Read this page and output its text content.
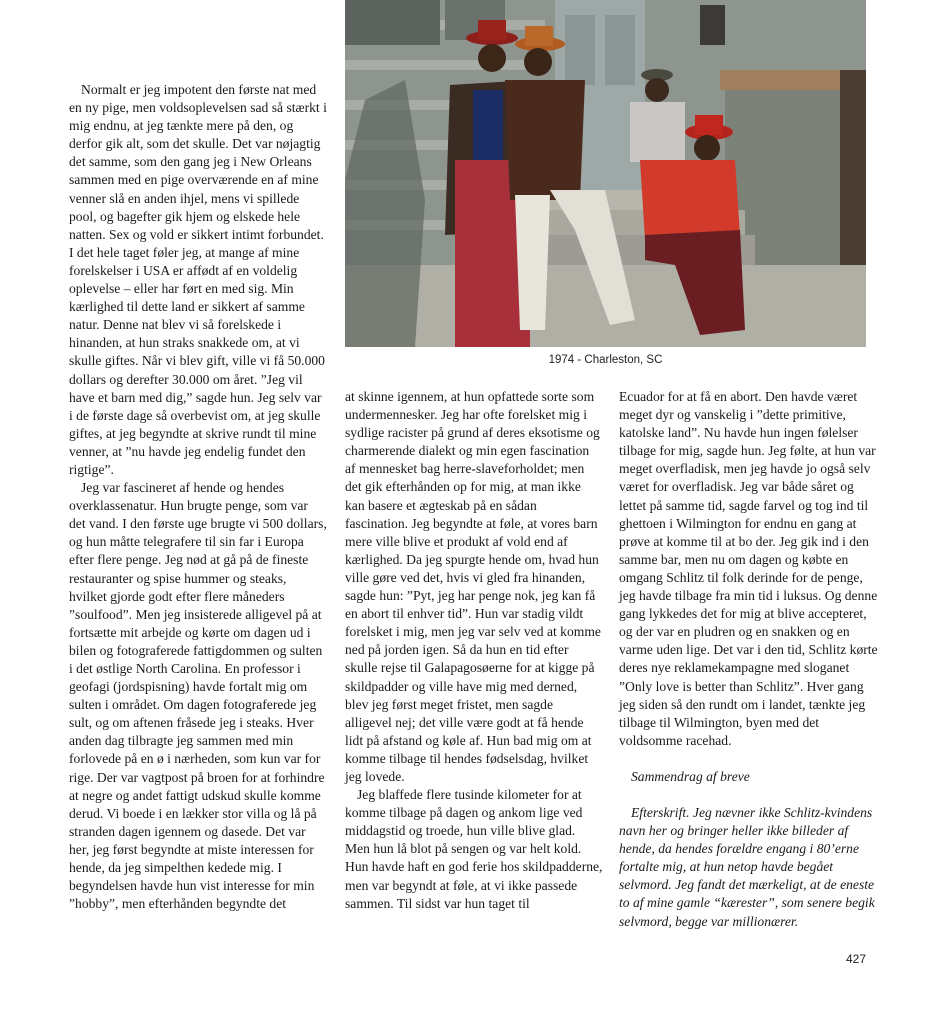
1974 - Charleston, SC

Normalt er jeg impotent den første nat med en ny pige, men voldsoplevelsen sad så stærkt i mig endnu, at jeg tænkte mere på den, og derfor gik alt, som det skulle. Det var nøjagtig det samme, som den gang jeg i New Orleans sammen med en pige overværende en af mine venner slå en anden ihjel, mens vi spillede pool, og bagefter gik hjem og elskede hele natten. Sex og vold er sikkert intimt forbundet. I det hele taget føler jeg, at mange af mine forelskelser i USA er affødt af en voldelig oplevelse – eller har ført en med sig. Min kærlighed til dette land er sikkert af samme natur. Denne nat blev vi så forelskede i hinanden, at hun straks snakkede om, at vi skulle giftes. Når vi blev gift, ville vi få 50.000 dollars og derefter 30.000 om året. ”Jeg vil have et barn med dig,” sagde hun. Jeg selv var i de første dage så overbevist om, at jeg skulle giftes, at jeg begyndte at skrive rundt til mine venner, at ”nu havde jeg endelig fundet den rigtige”.

Jeg var fascineret af hende og hendes overklassenatur. Hun brugte penge, som var det vand. I den første uge brugte vi 500 dollars, og hun måtte telegrafere til sin far i Europa efter flere penge. Jeg nød at gå på de fineste restauranter og spise hummer og steaks, hvilket gjorde godt efter flere måneders ”soulfood”. Men jeg insisterede alligevel på at fortsætte mit arbejde og kørte om dagen ud i bilen og fotograferede fattigdommen og sulten i det østlige North Carolina. En professor i geofagi (jordspisning) havde fortalt mig om sulten i området. Om dagen fotograferede jeg sult, og om aftenen fråsede jeg i steaks. Hver anden dag tilbragte jeg sammen med min forlovede på en ø i nærheden, som kun var for rige. Der var vagtpost på broen for at forhindre at negre og andet fattigt udskud skulle komme derud. Vi boede i en lækker stor villa og lå på stranden dagen igennem og dasede. Det var her, jeg først begyndte at miste interessen for hende, da jeg simpelthen kedede mig. I begyndelsen havde hun vist interesse for min ”hobby”, men efterhånden begyndte det

at skinne igennem, at hun opfattede sorte som undermennesker. Jeg har ofte forelsket mig i sydlige racister på grund af deres eksotisme og charmerende dialekt og min egen fascination af mennesket bag herre-slaveforholdet; men det gik efterhånden op for mig, at man ikke kan basere et ægteskab på en sådan fascination. Jeg begyndte at føle, at vores barn mere ville blive et produkt af vold end af kærlighed. Da jeg spurgte hende om, hvad hun ville gøre ved det, hvis vi gled fra hinanden, sagde hun: ”Pyt, jeg har penge nok, jeg kan få en abort til enhver tid”. Hun var stadig vildt forelsket i mig, men jeg var selv ved at komme ned på jorden igen. Så da hun en tid efter skulle rejse til Galapagosøerne for at kigge på skildpadder og ville have mig med derned, blev jeg først meget fristet, men sagde alligevel nej; det ville være godt at få hende lidt på afstand og køle af. Hun bad mig om at komme tilbage til hendes fødselsdag, hvilket jeg lovede.

Jeg blaffede flere tusinde kilometer for at komme tilbage på dagen og ankom lige ved middagstid og troede, hun ville blive glad. Men hun lå blot på sengen og var helt kold. Hun havde haft en god ferie hos skildpadderne, men var begyndt at føle, at vi ikke passede sammen. Til sidst var hun taget til

Ecuador for at få en abort. Den havde været meget dyr og vanskelig i ”dette primitive, katolske land”. Nu havde hun ingen følelser tilbage for mig, sagde hun. Jeg følte, at hun var meget overfladisk, men jeg havde jo også selv været for overfladisk. Jeg var både såret og lettet på samme tid, sagde farvel og tog ind til ghettoen i Wilmington for endnu en gang at prøve at komme til at bo der. Jeg gik ind i den samme bar, men nu om dagen og købte en omgang Schlitz til folk derinde for de penge, jeg havde tilbage fra min tid i luksus. Og denne gang lykkedes det for mig at blive accepteret, og der var en pludren og en snakken og en varme uden lige. Det var i den tid, Schlitz kørte deres nye reklamekampagne med sloganet ”Only love is better than Schlitz”. Hver gang jeg siden så den rundt om i landet, tænkte jeg tilbage til Wilmington, byen med det voldsomme racehad.

Sammendrag af breve

Efterskrift. Jeg nævner ikke Schlitz-kvindens navn her og bringer heller ikke billeder af hende, da hendes forældre engang i 80’erne fortalte mig, at hun netop havde begået selvmord. Jeg fandt det mærkeligt, at de eneste to af mine gamle “kærester”, som senere begik selvmord, begge var millionærer.

427
